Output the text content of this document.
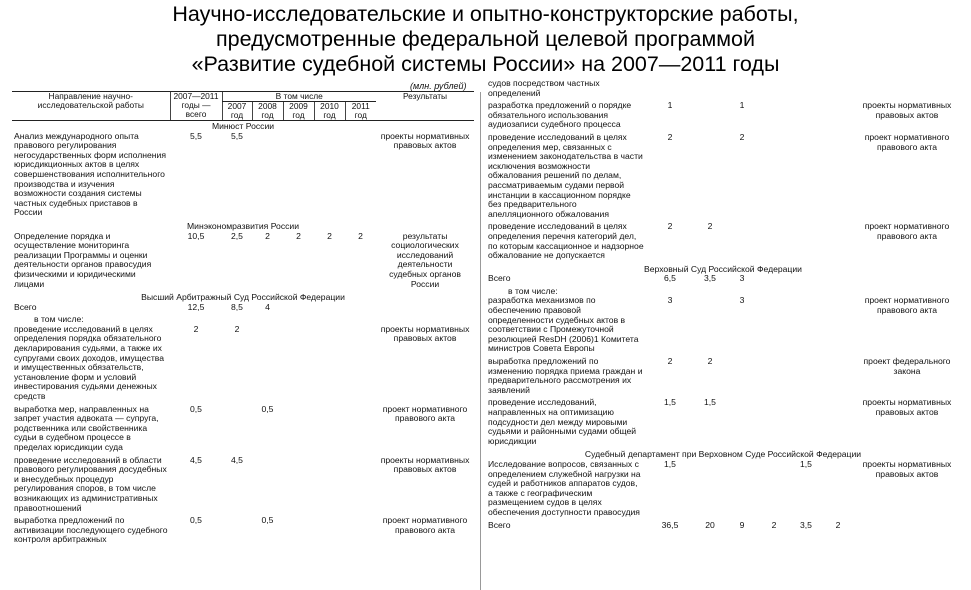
Научно-исследовательские и опытно-конструкторские работы,
предусмотренные федеральной целевой программой
«Развитие судебной системы России» на 2007—2011 годы
(млн. рублей)
Направление научно-исследовательской работы	2007—2011 годы — всего	В том числе					Результаты
		2007 год	2008 год	2009 год	2010 год	2011 год	
Минюст России							
Анализ международного опыта правового регулирования негосударственных форм исполнения юрисдикционных актов в целях совершенствования исполнительного производства и изучения возможности создания системы частных судебных приставов в России	5,5	5,5					проекты нормативных правовых актов
Минэкономразвития России							
Определение порядка и осуществление мониторинга реализации Программы и оценки деятельности органов правосудия физическими и юридическими лицами	10,5	2,5	2	2	2	2	результаты социологических исследований деятельности судебных органов России
Высший Арбитражный Суд Российской Федерации							
Всего	12,5	8,5	4				
в том числе:							
проведение исследований в целях определения порядка обязательного декларирования судьями, а также их супругами своих доходов, имущества и имущественных обязательств, установление форм и условий инвестирования судьями денежных средств	2	2					проекты нормативных правовых актов
выработка мер, направленных на запрет участия адвоката — супруга, родственника или свойственника судьи в судебном процессе в пределах юрисдикции суда	0,5		0,5				проект нормативного правового акта
проведение исследований в области правового регулирования досудебных и внесудебных процедур регулирования споров, в том числе возникающих из административных правоотношений	4,5	4,5					проекты нормативных правовых актов
выработка предложений по активизации последующего судебного контроля арбитражных	0,5		0,5				проект нормативного правового акта
судов посредством частных определений							
разработка предложений о порядке обязательного использования аудиозаписи судебного процесса	1		1				проекты нормативных правовых актов
проведение исследований в целях определения мер, связанных с изменением законодательства в части исключения возможности обжалования решений по делам, рассматриваемым судами первой инстанции в кассационном порядке без предварительного апелляционного обжалования	2		2				проект нормативного правового акта
проведение исследований в целях определения перечня категорий дел, по которым кассационное и надзорное обжалование не допускается	2	2					проект нормативного правового акта
Верховный Суд Российской Федерации							
Всего	6,5	3,5	3				
в том числе:							
разработка механизмов по обеспечению правовой определенности судебных актов в соответствии с Промежуточной резолюцией ResDH (2006)1 Комитета министров Совета Европы	3		3				проект нормативного правового акта
выработка предложений по изменению порядка приема граждан и предварительного рассмотрения их заявлений	2	2					проект федерального закона
проведение исследований, направленных на оптимизацию подсудности дел между мировыми судьями и районными судами общей юрисдикции	1,5	1,5					проекты нормативных правовых актов
Судебный департамент при Верховном Суде Российской Федерации							
Исследование вопросов, связанных с определением служебной нагрузки на судей и работников аппаратов судов, а также с географическим размещением судов в целях обеспечения доступности правосудия	1,5				1,5		проекты нормативных правовых актов
Всего	36,5	20	9	2	3,5	2	
